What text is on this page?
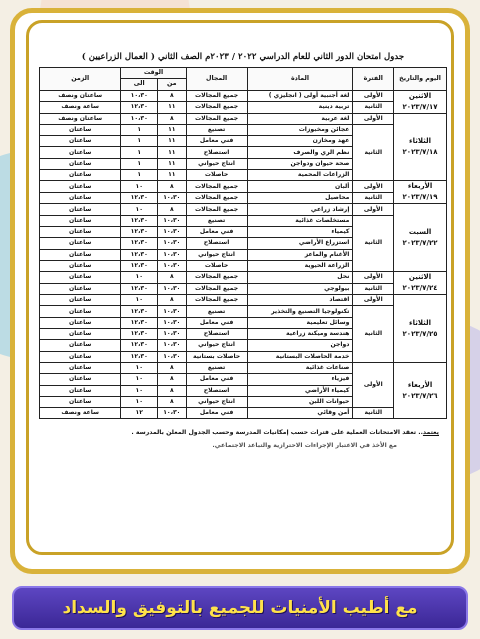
جدول امتحان الدور الثاني للعام الدراسي ٢٠٢٢ / ٢٠٢٣م الصف الثاني ( العمال الزراعيين )
اليوم والتاريخ	الفترة	المادة	المجال	الوقت		الزمن
				من	الى	
الاثنين ٢٠٢٣/٧/١٧	الأولى	لغة أجنبية أولى ( انجليزي )	جميع المجالات	٨	١٠،٣٠	ساعتان ونصف
	الثانية	تربية دينية	جميع المجالات	١١	١٢،٣٠	ساعة ونصف
الثلاثاء ٢٠٢٣/٧/١٨	الأولى	لغة عربية	جميع المجالات	٨	١٠،٣٠	ساعتان ونصف
	الثانية	عجائن ومخبوزات	تصنيع	١١	١	ساعتان
		عهد ومخازن	فني معامل	١١	١	ساعتان
		نظم الري والصرف	استصلاح	١١	١	ساعتان
		صحة حيوان ودواجن	انتاج حيواني	١١	١	ساعتان
		الزراعات المحمية	حاصلات	١١	١	ساعتان
الأربعاء ٢٠٢٣/٧/١٩	الأولى	ألبان	جميع المجالات	٨	١٠	ساعتان
	الثانية	محاصيل	جميع المجالات	١٠،٣٠	١٢،٣٠	ساعتان
السبت ٢٠٢٣/٧/٢٢	الأولى	إرشاد زراعي	جميع المجالات	٨	١٠	ساعتان
	الثانية	مستخلصات غذائية	تصنيع	١٠،٣٠	١٢،٣٠	ساعتان
		كيمياء	فني معامل	١٠،٣٠	١٢،٣٠	ساعتان
		استزراع الأراضي	استصلاح	١٠،٣٠	١٢،٣٠	ساعتان
		الأغنام والماعز	انتاج حيواني	١٠،٣٠	١٢،٣٠	ساعتان
		الزراعة الحيوية	حاصلات	١٠،٣٠	١٢،٣٠	ساعتان
الاثنين ٢٠٢٣/٧/٢٤	الأولى	نحل	جميع المجالات	٨	١٠	ساعتان
	الثانية	بيولوجي	جميع المجالات	١٠،٣٠	١٢،٣٠	ساعتان
الثلاثاء ٢٠٢٣/٧/٢٥	الأولى	اقتصاد	جميع المجالات	٨	١٠	ساعتان
	الثانية	تكنولوجيا التصنيع والتخذير	تصنيع	١٠،٣٠	١٢،٣٠	ساعتان
		وسائل تعليمية	فني معامل	١٠،٣٠	١٢،٣٠	ساعتان
		هندسة وميكنة زراعية	استصلاح	١٠،٣٠	١٢،٣٠	ساعتان
		دواجن	انتاج حيواني	١٠،٣٠	١٢،٣٠	ساعتان
		خدمة الحاصلات البستانية	حاصلات بستانية	١٠،٣٠	١٢،٣٠	ساعتان
الأربعاء ٢٠٢٣/٧/٢٦	الأولى	صناعات غذائية	تصنيع	٨	١٠	ساعتان
		فيزياء	فني معامل	٨	١٠	ساعتان
		كيمياء الأراضي	استصلاح	٨	١٠	ساعتان
		حيوانات اللبن	انتاج حيواني	٨	١٠	ساعتان
	الثانية	أمن وقائي	فني معامل	١٠،٣٠	١٢	ساعة ونصف
يعتمد.. تعقد الامتحانات العملية على فترات حسب إمكانيات المدرسة وحسب الجدول المعلن بالمدرسة .
مع الأخذ في الاعتبار الإجراءات الاحترازية والتباعد الاجتماعي.
مع أطيب الأمنيات للجميع بالتوفيق والسداد
